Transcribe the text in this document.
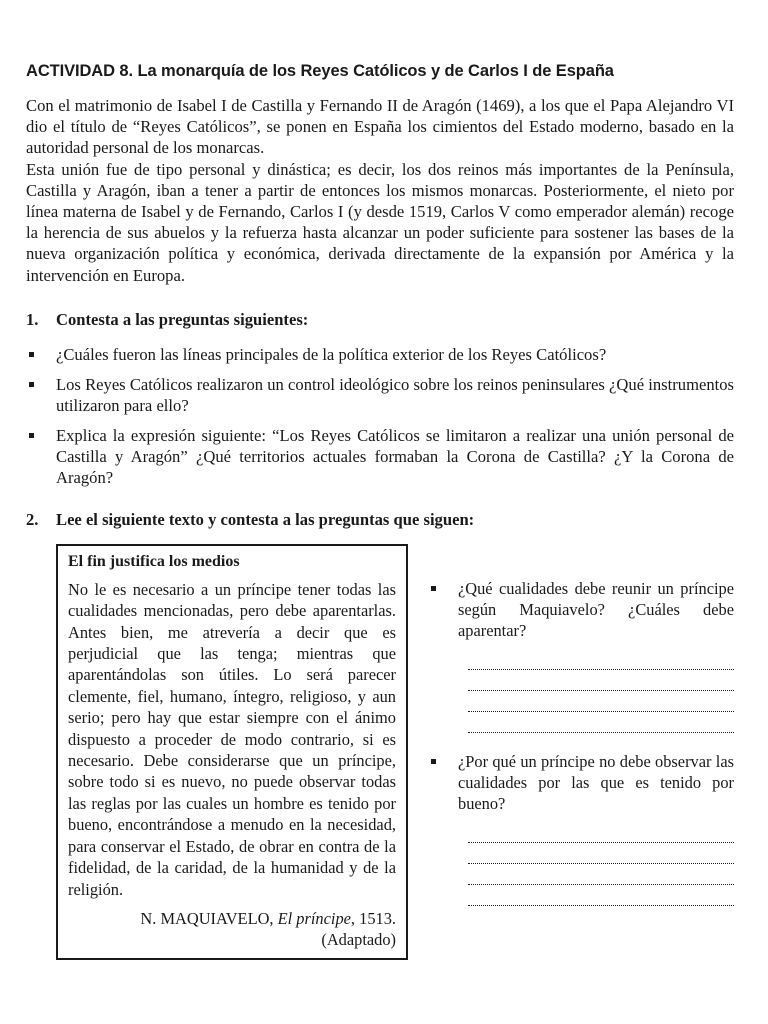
ACTIVIDAD 8. La monarquía de los Reyes Católicos y de Carlos I de España

Con el matrimonio de Isabel I de Castilla y Fernando II de Aragón (1469), a los que el Papa Alejandro VI dio el título de “Reyes Católicos”, se ponen en España los cimientos del Estado moderno, basado en la autoridad personal de los monarcas.

Esta unión fue de tipo personal y dinástica; es decir, los dos reinos más importantes de la Península, Castilla y Aragón, iban a tener a partir de entonces los mismos monarcas. Posteriormente, el nieto por línea materna de Isabel y de Fernando, Carlos I (y desde 1519, Carlos V como emperador alemán) recoge la herencia de sus abuelos y la refuerza hasta alcanzar un poder suficiente para sostener las bases de la nueva organización política y económica, derivada directamente de la expansión por América y la intervención en Europa.

1.	Contesta a las preguntas siguientes:
¿Cuáles fueron las líneas principales de la política exterior de los Reyes Católicos?
Los Reyes Católicos realizaron un control ideológico sobre los reinos peninsulares ¿Qué instrumentos utilizaron para ello?
Explica la expresión siguiente: “Los Reyes Católicos se limitaron a realizar una unión personal de Castilla y Aragón” ¿Qué territorios actuales formaban la Corona de Castilla? ¿Y la Corona de Aragón?
2.	Lee el siguiente texto y contesta a las preguntas que siguen:
El fin justifica los medios

No le es necesario a un príncipe tener todas las cualidades mencionadas, pero debe aparentarlas. Antes bien, me atrevería a decir que es perjudicial que las tenga; mientras que aparentándolas son útiles. Lo será parecer clemente, fiel, humano, íntegro, religioso, y aun serio; pero hay que estar siempre con el ánimo dispuesto a proceder de modo contrario, si es necesario. Debe considerarse que un príncipe, sobre todo si es nuevo, no puede observar todas las reglas por las cuales un hombre es tenido por bueno, encontrándose a menudo en la necesidad, para conservar el Estado, de obrar en contra de la fidelidad, de la caridad, de la humanidad y de la religión.

N. MAQUIAVELO, El príncipe, 1513.
(Adaptado)
¿Qué cualidades debe reunir un príncipe según Maquiavelo? ¿Cuáles debe aparentar?
¿Por qué un príncipe no debe observar las cualidades por las que es tenido por bueno?
